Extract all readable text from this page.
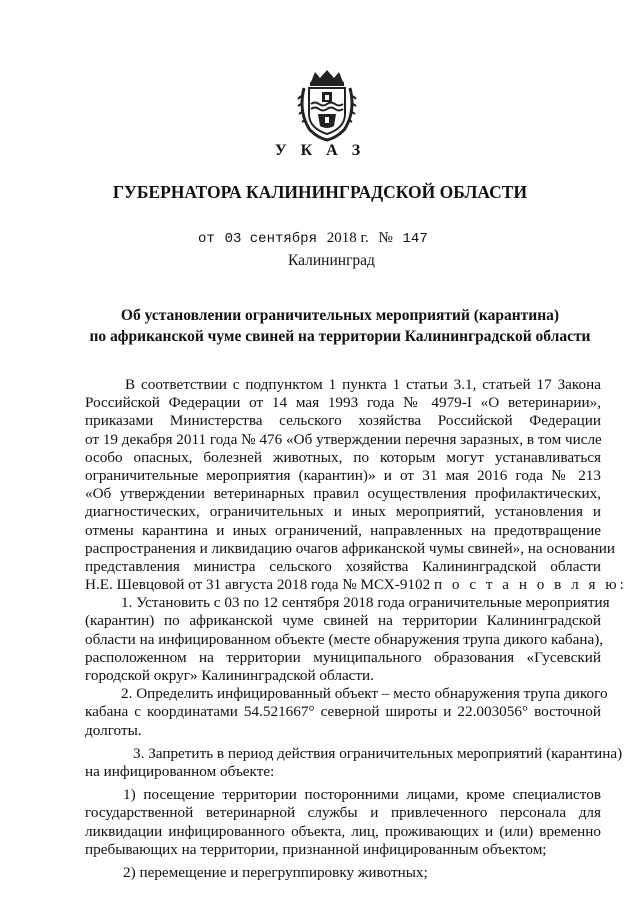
У К А З
ГУБЕРНАТОРА КАЛИНИНГРАДСКОЙ ОБЛАСТИ
от 03 сентября 2018 г. № 147
Калининград
Об установлении ограничительных мероприятий (карантина)
по африканской чуме свиней на территории Калининградской области
В соответствии с подпунктом 1 пункта 1 статьи 3.1, статьей 17 Закона
Российской Федерации от 14 мая 1993 года № 4979-I «О ветеринарии»,
приказами Министерства сельского хозяйства Российской Федерации
от 19 декабря 2011 года № 476 «Об утверждении перечня заразных, в том числе
особо опасных, болезней животных, по которым могут устанавливаться
ограничительные мероприятия (карантин)» и от 31 мая 2016 года № 213
«Об утверждении ветеринарных правил осуществления профилактических,
диагностических, ограничительных и иных мероприятий, установления и
отмены карантина и иных ограничений, направленных на предотвращение
распространения и ликвидацию очагов африканской чумы свиней», на основании
представления министра сельского хозяйства Калининградской области
Н.Е. Шевцовой от 31 августа 2018 года № МСХ-9102 п о с т а н о в л я ю:
1. Установить с 03 по 12 сентября 2018 года ограничительные мероприятия
(карантин) по африканской чуме свиней на территории Калининградской
области на инфицированном объекте (месте обнаружения трупа дикого кабана),
расположенном на территории муниципального образования «Гусевский
городской округ» Калининградской области.
2. Определить инфицированный объект – место обнаружения трупа дикого
кабана с координатами 54.521667° северной широты и 22.003056° восточной
долготы.
3. Запретить в период действия ограничительных мероприятий (карантина)
на инфицированном объекте:
1) посещение территории посторонними лицами, кроме специалистов
государственной ветеринарной службы и привлеченного персонала для
ликвидации инфицированного объекта, лиц, проживающих и (или) временно
пребывающих на территории, признанной инфицированным объектом;
2) перемещение и перегруппировку животных;
